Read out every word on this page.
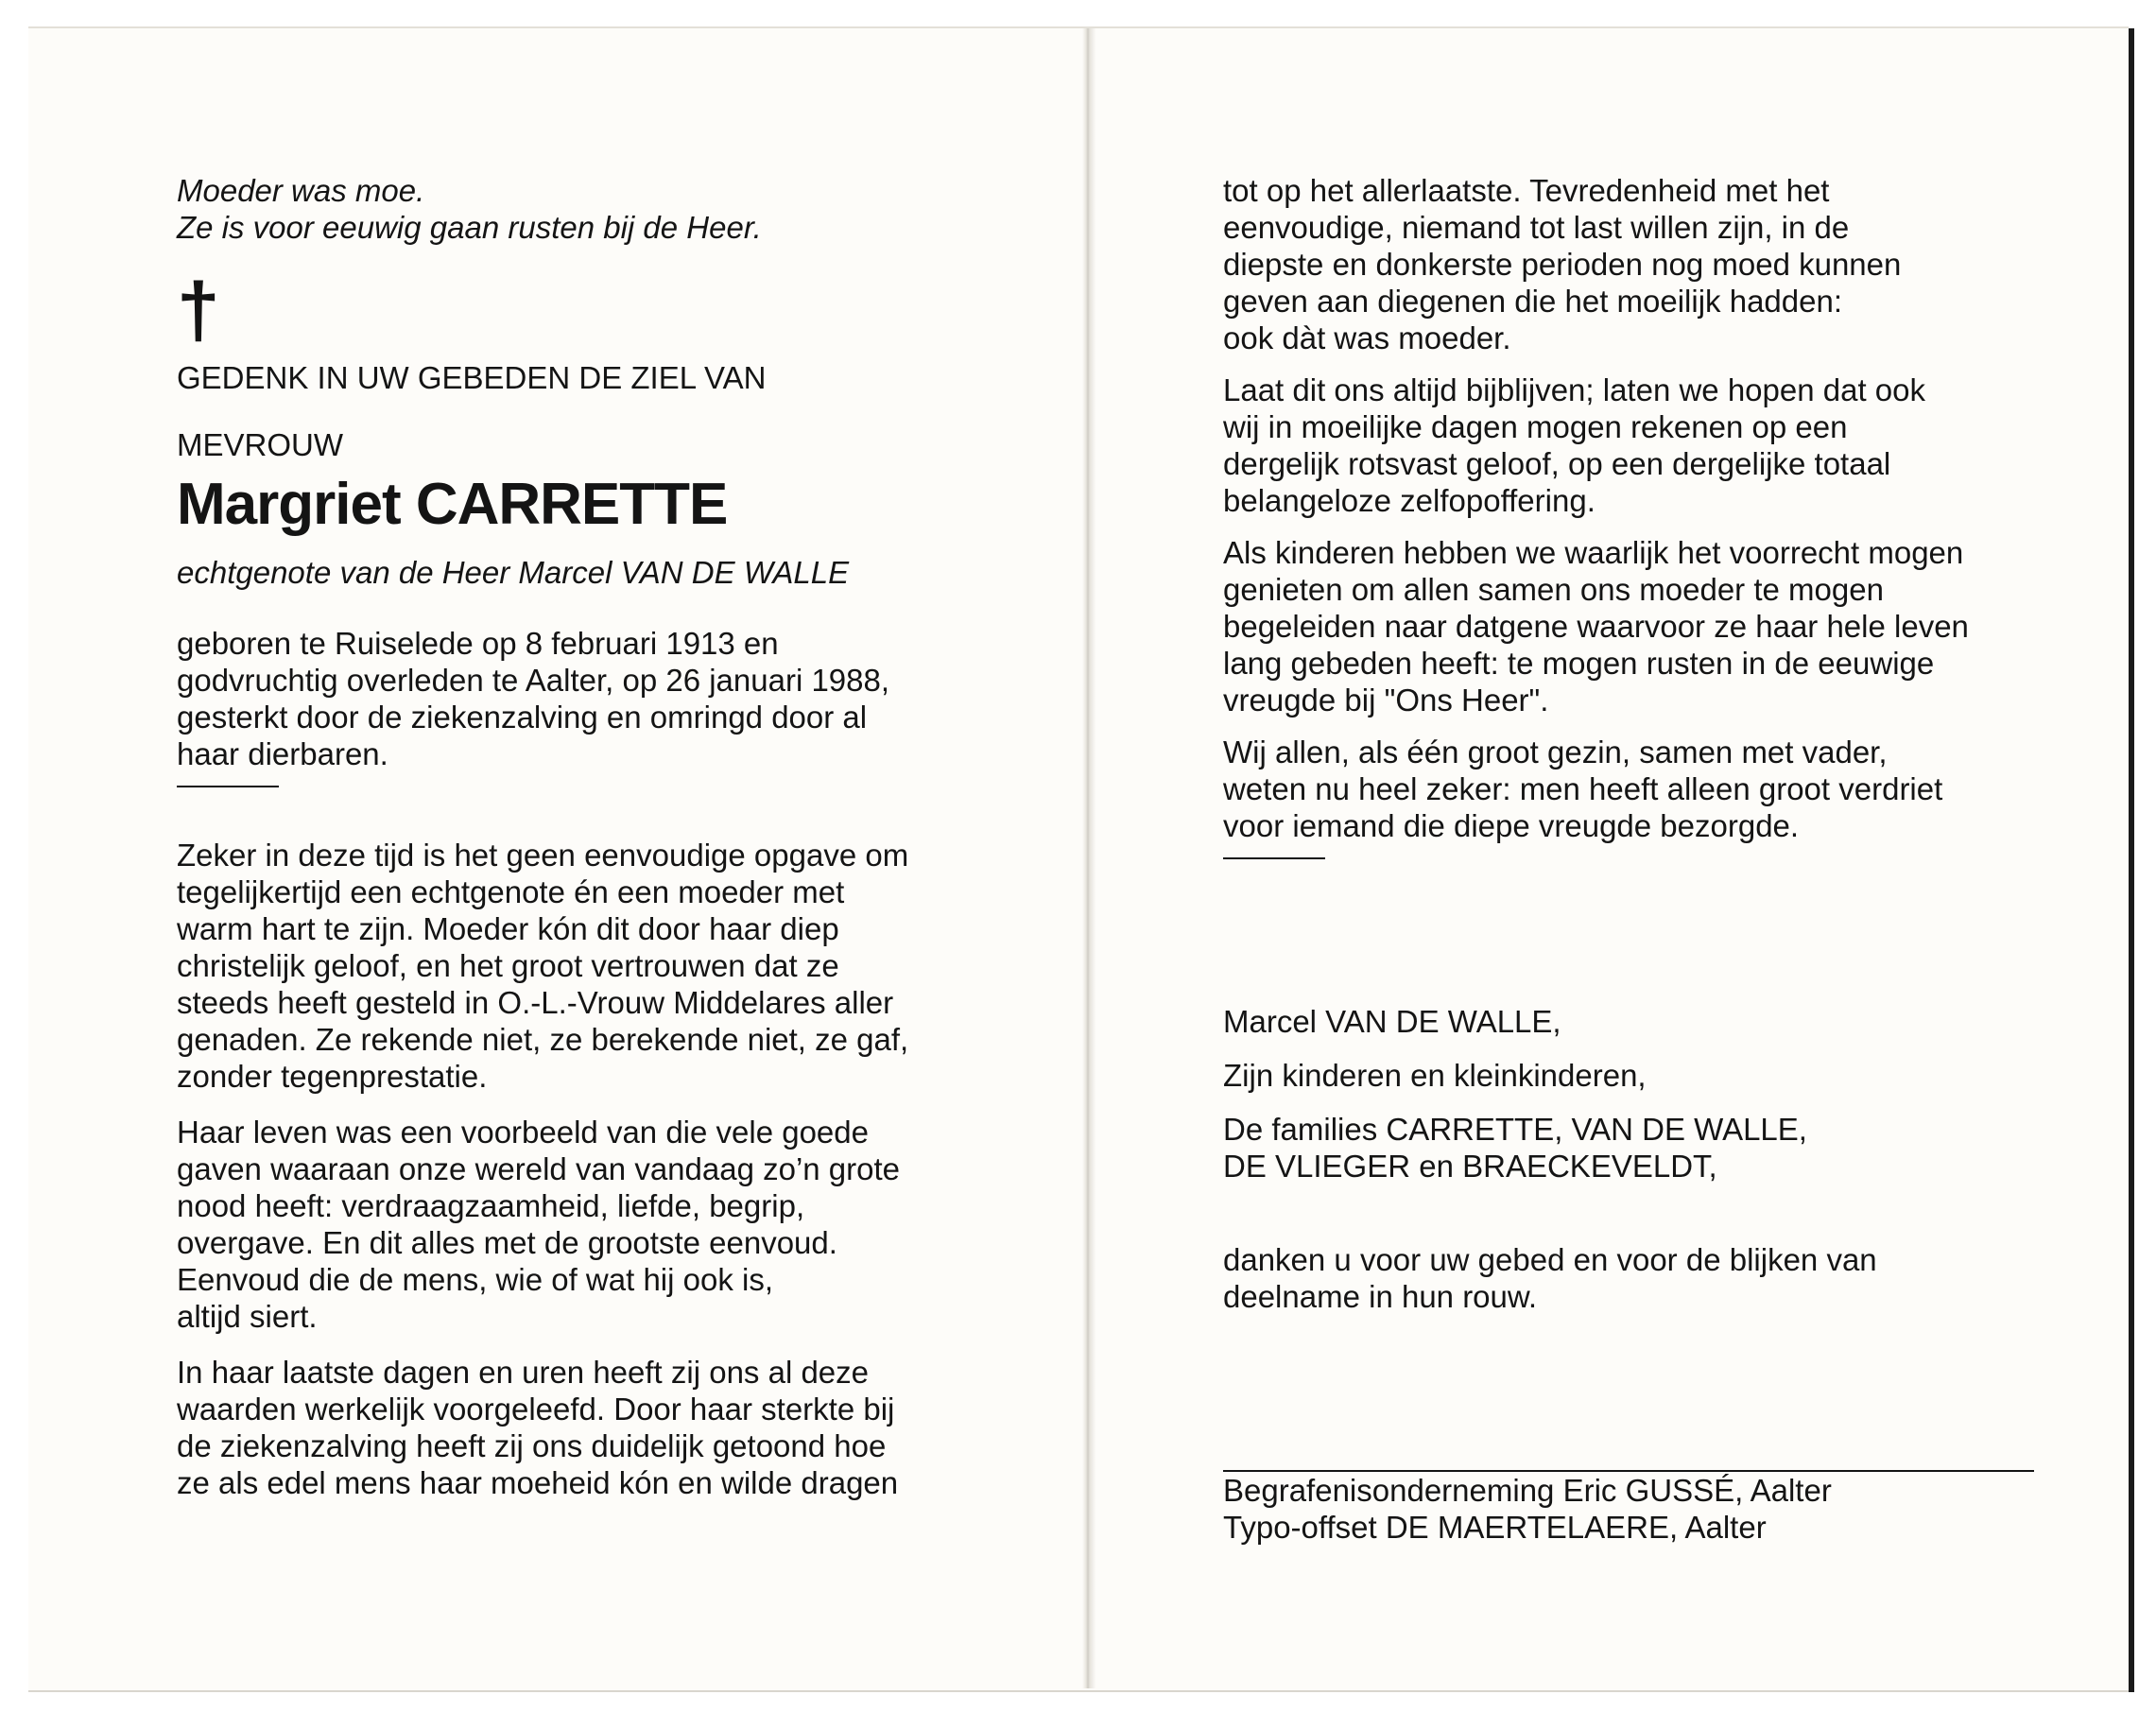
Moeder was moe.

Ze is voor eeuwig gaan rusten bij de Heer.

†

GEDENK IN UW GEBEDEN DE ZIEL VAN

MEVROUW

Margriet CARRETTE

echtgenote van de Heer Marcel VAN DE WALLE

geboren te Ruiselede op 8 februari 1913 en

godvruchtig overleden te Aalter, op 26 januari 1988,

gesterkt door de ziekenzalving en omringd door al

haar dierbaren.

Zeker in deze tijd is het geen eenvoudige opgave om

tegelijkertijd een echtgenote én een moeder met

warm hart te zijn. Moeder kón dit door haar diep

christelijk geloof, en het groot vertrouwen dat ze

steeds heeft gesteld in O.-L.-Vrouw Middelares aller

genaden. Ze rekende niet, ze berekende niet, ze gaf,

zonder tegenprestatie.

Haar leven was een voorbeeld van die vele goede

gaven waaraan onze wereld van vandaag zo’n grote

nood heeft: verdraagzaamheid, liefde, begrip,

overgave. En dit alles met de grootste eenvoud.

Eenvoud die de mens, wie of wat hij ook is,

altijd siert.

In haar laatste dagen en uren heeft zij ons al deze

waarden werkelijk voorgeleefd. Door haar sterkte bij

de ziekenzalving heeft zij ons duidelijk getoond hoe

ze als edel mens haar moeheid kón en wilde dragen

tot op het allerlaatste. Tevredenheid met het

eenvoudige, niemand tot last willen zijn, in de

diepste en donkerste perioden nog moed kunnen

geven aan diegenen die het moeilijk hadden:

ook dàt was moeder.

Laat dit ons altijd bijblijven; laten we hopen dat ook

wij in moeilijke dagen mogen rekenen op een

dergelijk rotsvast geloof, op een dergelijke totaal

belangeloze zelfopoffering.

Als kinderen hebben we waarlijk het voorrecht mogen

genieten om allen samen ons moeder te mogen

begeleiden naar datgene waarvoor ze haar hele leven

lang gebeden heeft: te mogen rusten in de eeuwige

vreugde bij "Ons Heer".

Wij allen, als één groot gezin, samen met vader,

weten nu heel zeker: men heeft alleen groot verdriet

voor iemand die diepe vreugde bezorgde.

Marcel VAN DE WALLE,

Zijn kinderen en kleinkinderen,

De families CARRETTE, VAN DE WALLE,

DE VLIEGER en BRAECKEVELDT,

danken u voor uw gebed en voor de blijken van

deelname in hun rouw.

Begrafenisonderneming Eric GUSSÉ, Aalter

Typo-offset DE MAERTELAERE, Aalter
